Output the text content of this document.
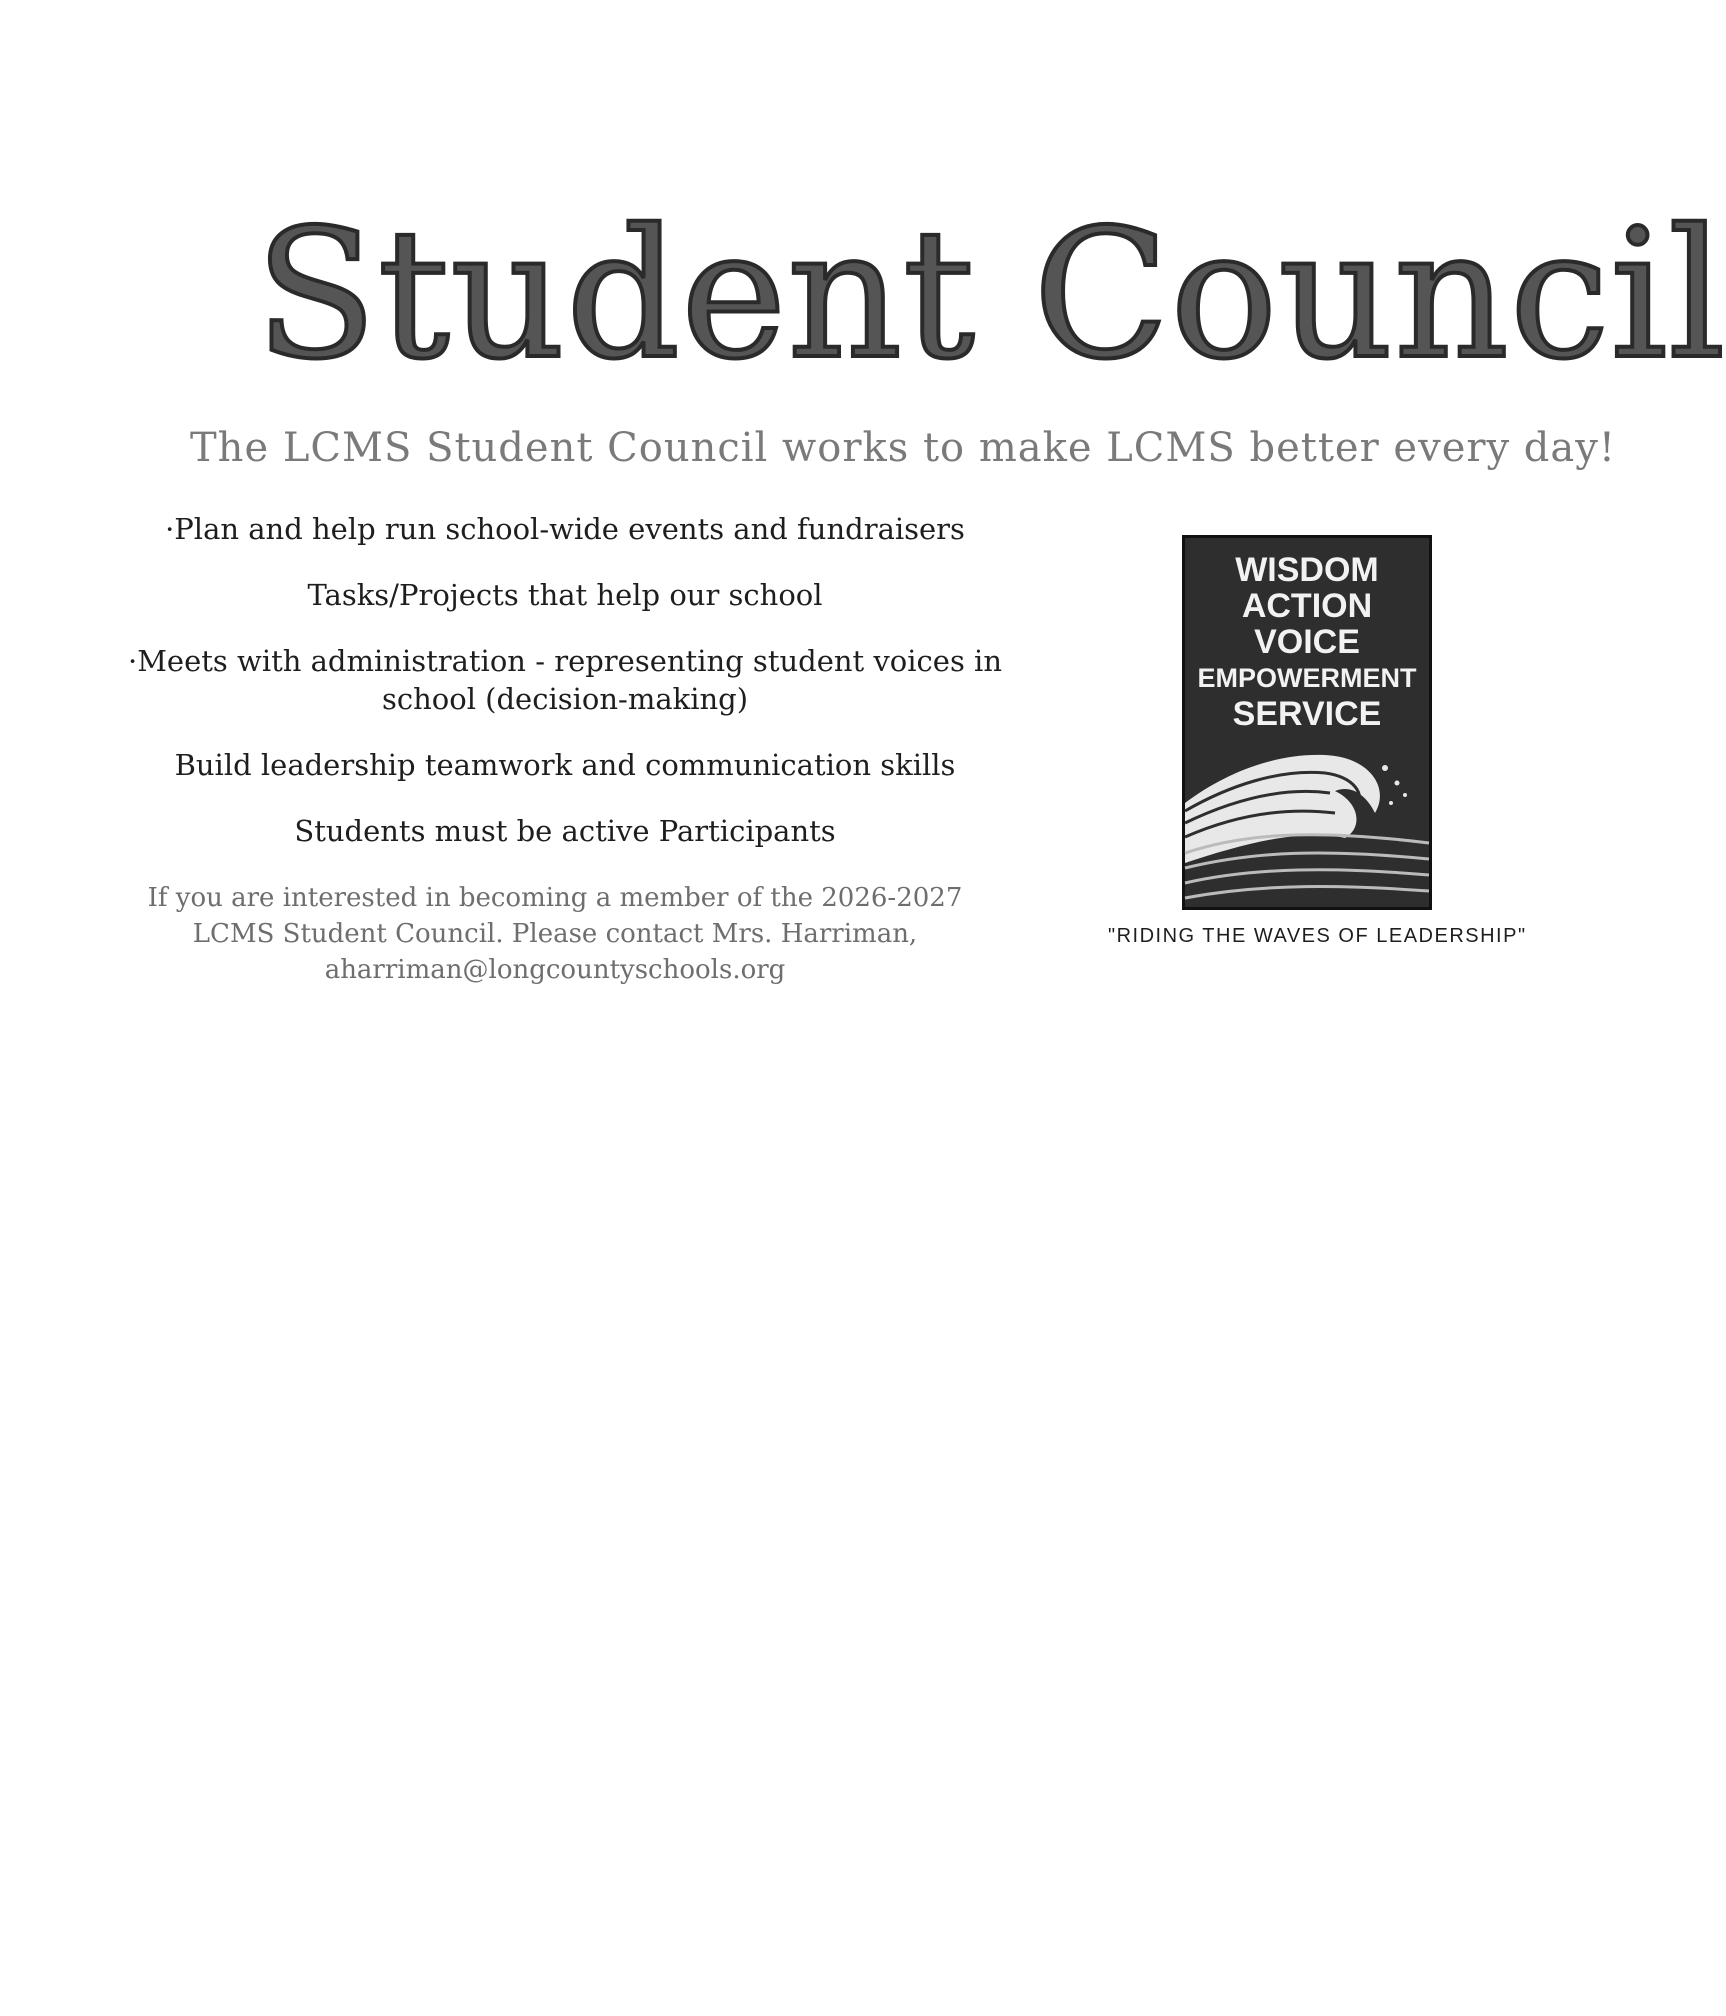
Student Council
The LCMS Student Council works to make LCMS better every day!
·Plan and help run school-wide events and fundraisers
Tasks/Projects that help our school
·Meets with administration - representing student voices in school (decision-making)
Build leadership teamwork and communication skills
Students must be active Participants
If you are interested in becoming a member of the 2026-2027
LCMS Student Council. Please contact Mrs. Harriman,
aharriman@longcountyschools.org
WISDOM
ACTION
VOICE
EMPOWERMENT
SERVICE
"RIDING THE WAVES OF LEADERSHIP"
